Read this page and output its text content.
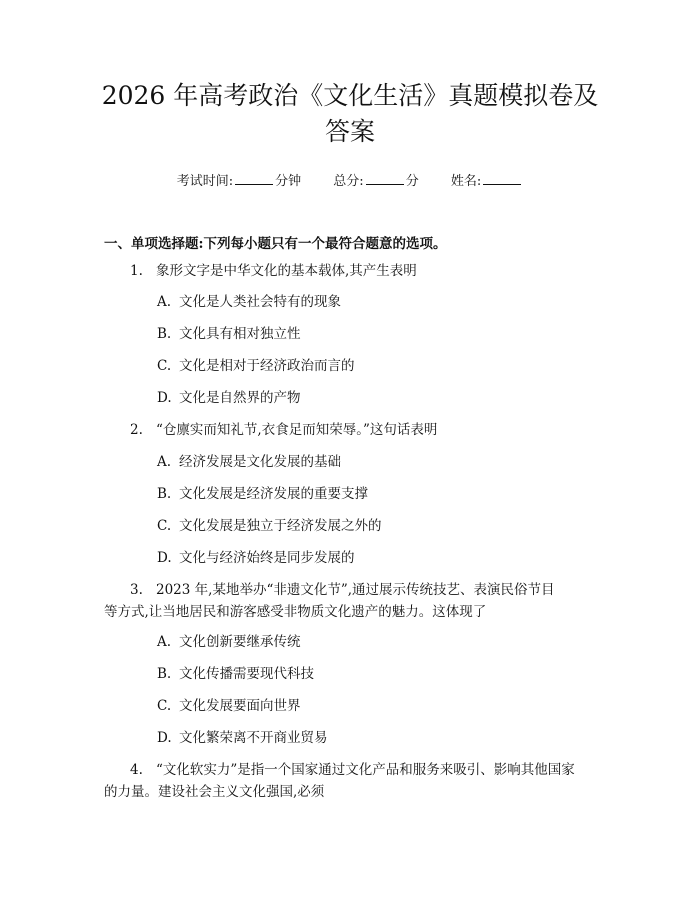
2026 年高考政治《文化生活》真题模拟卷及
答案
考试时间:	分钟 总分:	分 姓名:
一、单项选择题:下列每小题只有一个最符合题意的选项。
1. 象形文字是中华文化的基本载体,其产生表明
A. 文化是人类社会特有的现象
B. 文化具有相对独立性
C. 文化是相对于经济政治而言的
D. 文化是自然界的产物
2. “仓廪实而知礼节,衣食足而知荣辱。”这句话表明
A. 经济发展是文化发展的基础
B. 文化发展是经济发展的重要支撑
C. 文化发展是独立于经济发展之外的
D. 文化与经济始终是同步发展的
3. 2023 年,某地举办“非遗文化节”,通过展示传统技艺、表演民俗节目
等方式,让当地居民和游客感受非物质文化遗产的魅力。这体现了
A. 文化创新要继承传统
B. 文化传播需要现代科技
C. 文化发展要面向世界
D. 文化繁荣离不开商业贸易
4. “文化软实力”是指一个国家通过文化产品和服务来吸引、影响其他国家
的力量。建设社会主义文化强国,必须
